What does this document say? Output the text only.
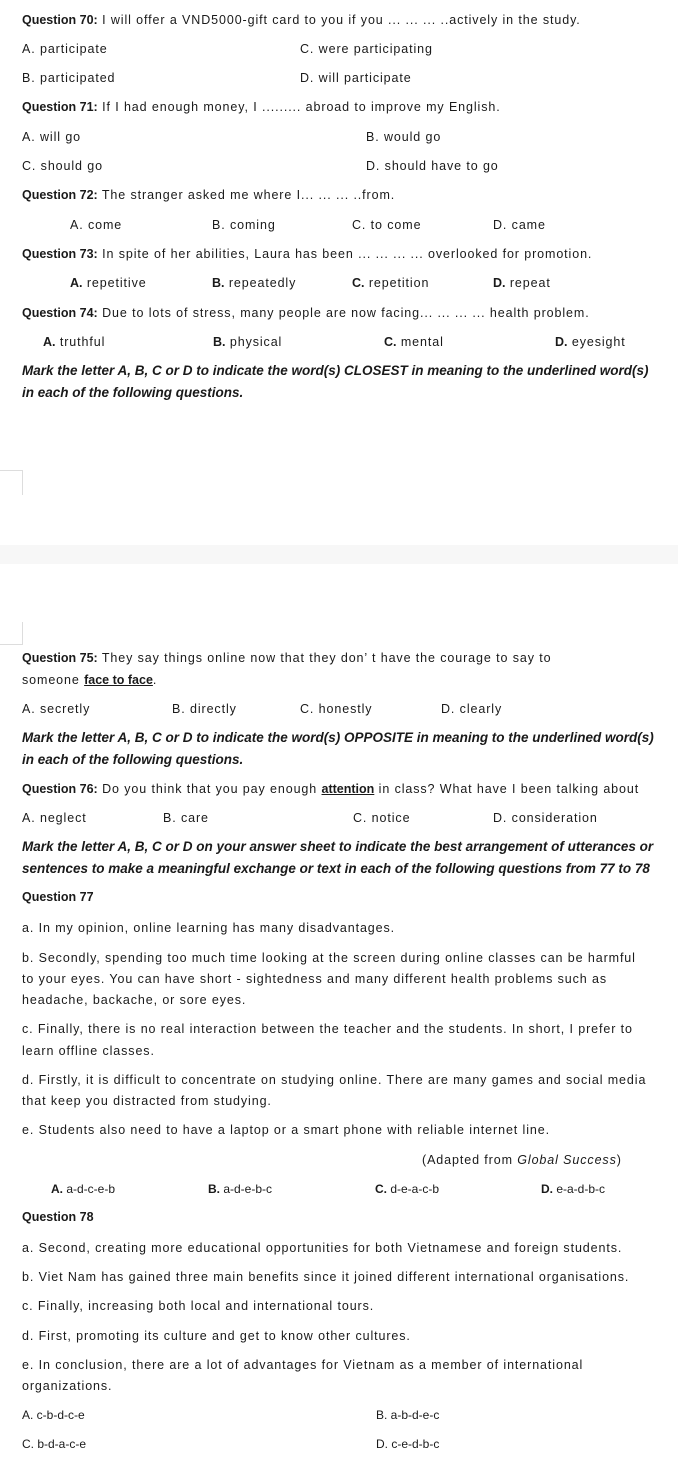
Question 70: I will offer a VND5000-gift card to you if you ... ... ... ..actively in the study.
A. participate	C. were participating
B. participated	D. will participate
Question 71: If I had enough money, I ......... abroad to improve my English.
A. will go	B. would go
C. should go	D. should have to go
Question 72: The stranger asked me where I... ... ... ..from.
A. come	B. coming	C. to come	D. came
Question 73: In spite of her abilities, Laura has been ... ... ... ... overlooked for promotion.
A. repetitive	B. repeatedly	C. repetition	D. repeat
Question 74: Due to lots of stress, many people are now facing... ... ... ... health problem.
A. truthful	B. physical	C. mental	D. eyesight
Mark the letter A, B, C or D to indicate the word(s) CLOSEST in meaning to the underlined word(s)
in each of the following questions.
Question 75: They say things online now that they don’ t have the courage to say to
someone face to face.
A. secretly	B. directly	C. honestly	D. clearly
Mark the letter A, B, C or D to indicate the word(s) OPPOSITE in meaning to the underlined word(s)
in each of the following questions.
Question 76: Do you think that you pay enough attention in class? What have I been talking about
A. neglect	B. care	C. notice	D. consideration
Mark the letter A, B, C or D on your answer sheet to indicate the best arrangement of utterances or
sentences to make a meaningful exchange or text in each of the following questions from 77 to 78
Question 77
a. In my opinion, online learning has many disadvantages.
b. Secondly, spending too much time looking at the screen during online classes can be harmful
to your eyes. You can have short - sightedness and many different health problems such as
headache, backache, or sore eyes.
c. Finally, there is no real interaction between the teacher and the students. In short, I prefer to
learn offline classes.
d. Firstly, it is difficult to concentrate on studying online. There are many games and social media
that keep you distracted from studying.
e. Students also need to have a laptop or a smart phone with reliable internet line.
(Adapted from Global Success)
A. a-d-c-e-b	B. a-d-e-b-c	C. d-e-a-c-b	D. e-a-d-b-c
Question 78
a. Second, creating more educational opportunities for both Vietnamese and foreign students.
b. Viet Nam has gained three main benefits since it joined different international organisations.
c. Finally, increasing both local and international tours.
d. First, promoting its culture and get to know other cultures.
e. In conclusion, there are a lot of advantages for Vietnam as a member of international
organizations.
A. c-b-d-c-e	B. a-b-d-e-c
C. b-d-a-c-e	D. c-e-d-b-c
